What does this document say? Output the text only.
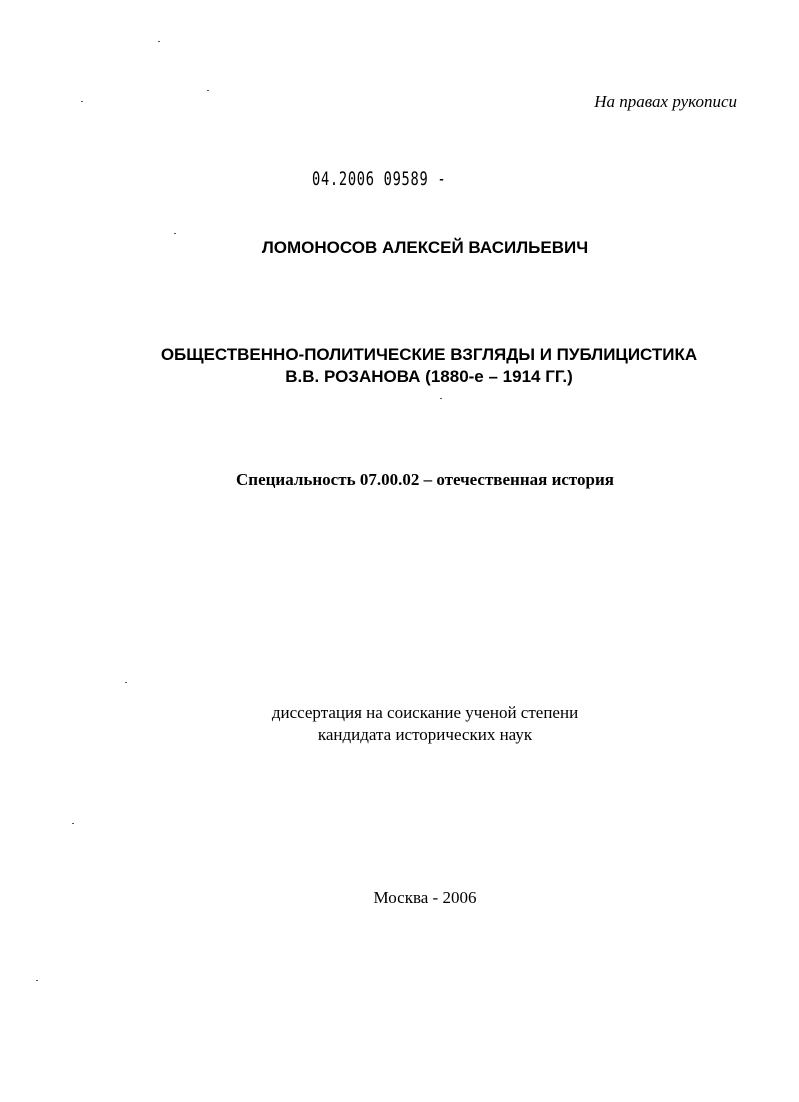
На правах рукописи
04.2006 09589 -
ЛОМОНОСОВ АЛЕКСЕЙ ВАСИЛЬЕВИЧ
ОБЩЕСТВЕННО-ПОЛИТИЧЕСКИЕ ВЗГЛЯДЫ И ПУБЛИЦИСТИКА
В.В. РОЗАНОВА (1880-е – 1914 ГГ.)
Специальность 07.00.02 – отечественная история
диссертация на соискание ученой степени
кандидата исторических наук
Москва - 2006
